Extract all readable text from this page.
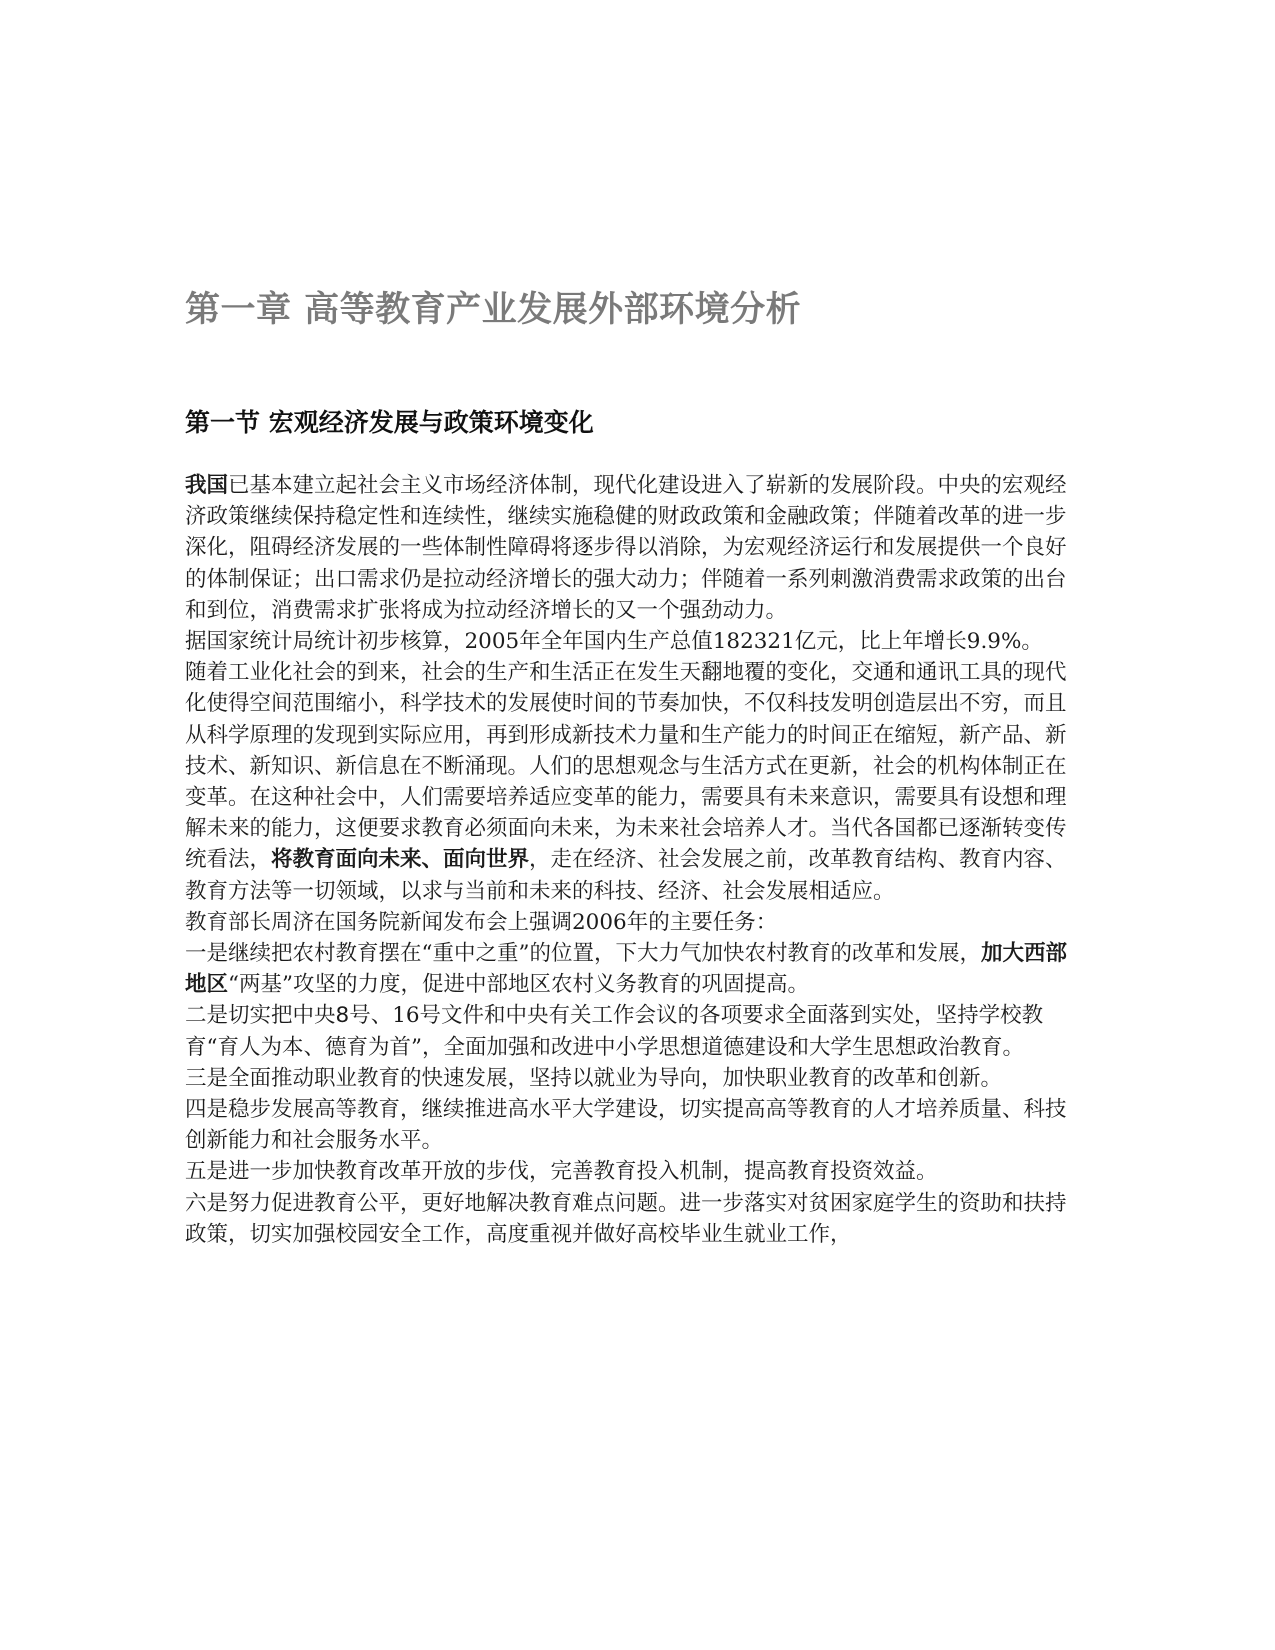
第一章 高等教育产业发展外部环境分析
第一节 宏观经济发展与政策环境变化

我国已基本建立起社会主义市场经济体制，现代化建设进入了崭新的发展阶段。中央的宏观经济政策继续保持稳定性和连续性，继续实施稳健的财政政策和金融政策；伴随着改革的进一步深化，阻碍经济发展的一些体制性障碍将逐步得以消除，为宏观经济运行和发展提供一个良好的体制保证；出口需求仍是拉动经济增长的强大动力；伴随着一系列刺激消费需求政策的出台和到位，消费需求扩张将成为拉动经济增长的又一个强劲动力。

据国家统计局统计初步核算，2005年全年国内生产总值182321亿元，比上年增长9.9%。

随着工业化社会的到来，社会的生产和生活正在发生天翻地覆的变化，交通和通讯工具的现代化使得空间范围缩小，科学技术的发展使时间的节奏加快，不仅科技发明创造层出不穷，而且从科学原理的发现到实际应用，再到形成新技术力量和生产能力的时间正在缩短，新产品、新技术、新知识、新信息在不断涌现。人们的思想观念与生活方式在更新，社会的机构体制正在变革。在这种社会中，人们需要培养适应变革的能力，需要具有未来意识，需要具有设想和理解未来的能力，这便要求教育必须面向未来，为未来社会培养人才。当代各国都已逐渐转变传统看法，将教育面向未来、面向世界，走在经济、社会发展之前，改革教育结构、教育内容、教育方法等一切领域，以求与当前和未来的科技、经济、社会发展相适应。

教育部长周济在国务院新闻发布会上强调2006年的主要任务：

一是继续把农村教育摆在“重中之重”的位置，下大力气加快农村教育的改革和发展，加大西部地区“两基”攻坚的力度，促进中部地区农村义务教育的巩固提高。

二是切实把中央8号、16号文件和中央有关工作会议的各项要求全面落到实处，坚持学校教育“育人为本、德育为首”，全面加强和改进中小学思想道德建设和大学生思想政治教育。

三是全面推动职业教育的快速发展，坚持以就业为导向，加快职业教育的改革和创新。

四是稳步发展高等教育，继续推进高水平大学建设，切实提高高等教育的人才培养质量、科技创新能力和社会服务水平。

五是进一步加快教育改革开放的步伐，完善教育投入机制，提高教育投资效益。

六是努力促进教育公平，更好地解决教育难点问题。进一步落实对贫困家庭学生的资助和扶持政策，切实加强校园安全工作，高度重视并做好高校毕业生就业工作，
